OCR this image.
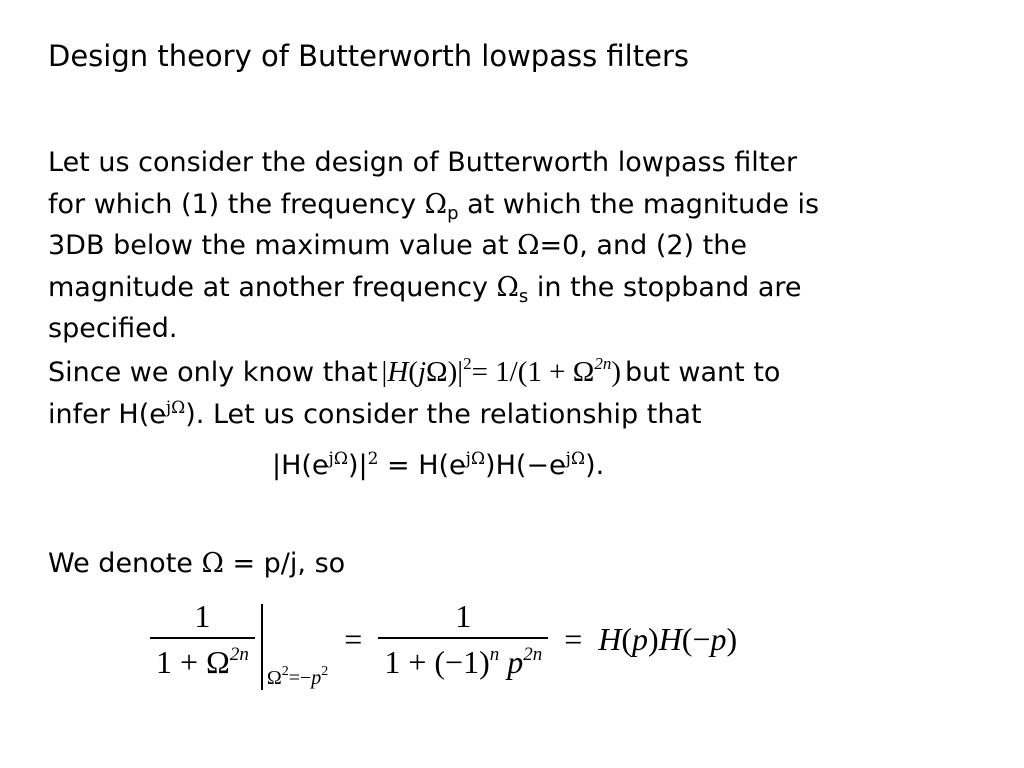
Design theory of Butterworth lowpass filters
Let us consider the design of Butterworth lowpass filter
for which (1) the frequency $\Omega_p$ at which the magnitude is
3DB below the maximum value at Ω=0, and (2) the
magnitude at another frequency $\Omega_s$ in the stopband are
specified.
Since we only know that $|H(j\Omega)|^2= 1/(1 + \Omega^{2n})$ but want to
infer $H(e^{j\Omega})$. Let us consider the relationship that
$|H(e^{j\Omega})|^2 = H(e^{j\Omega})H(-e^{j\Omega})$.
We denote Ω = p/j, so
$\frac{1}{1 + \Omega^{2n}} \Omega^2=-p^2$
= $\frac{1}{1 + (-1)^n p^{2n}} = H(p)H(-p)$
